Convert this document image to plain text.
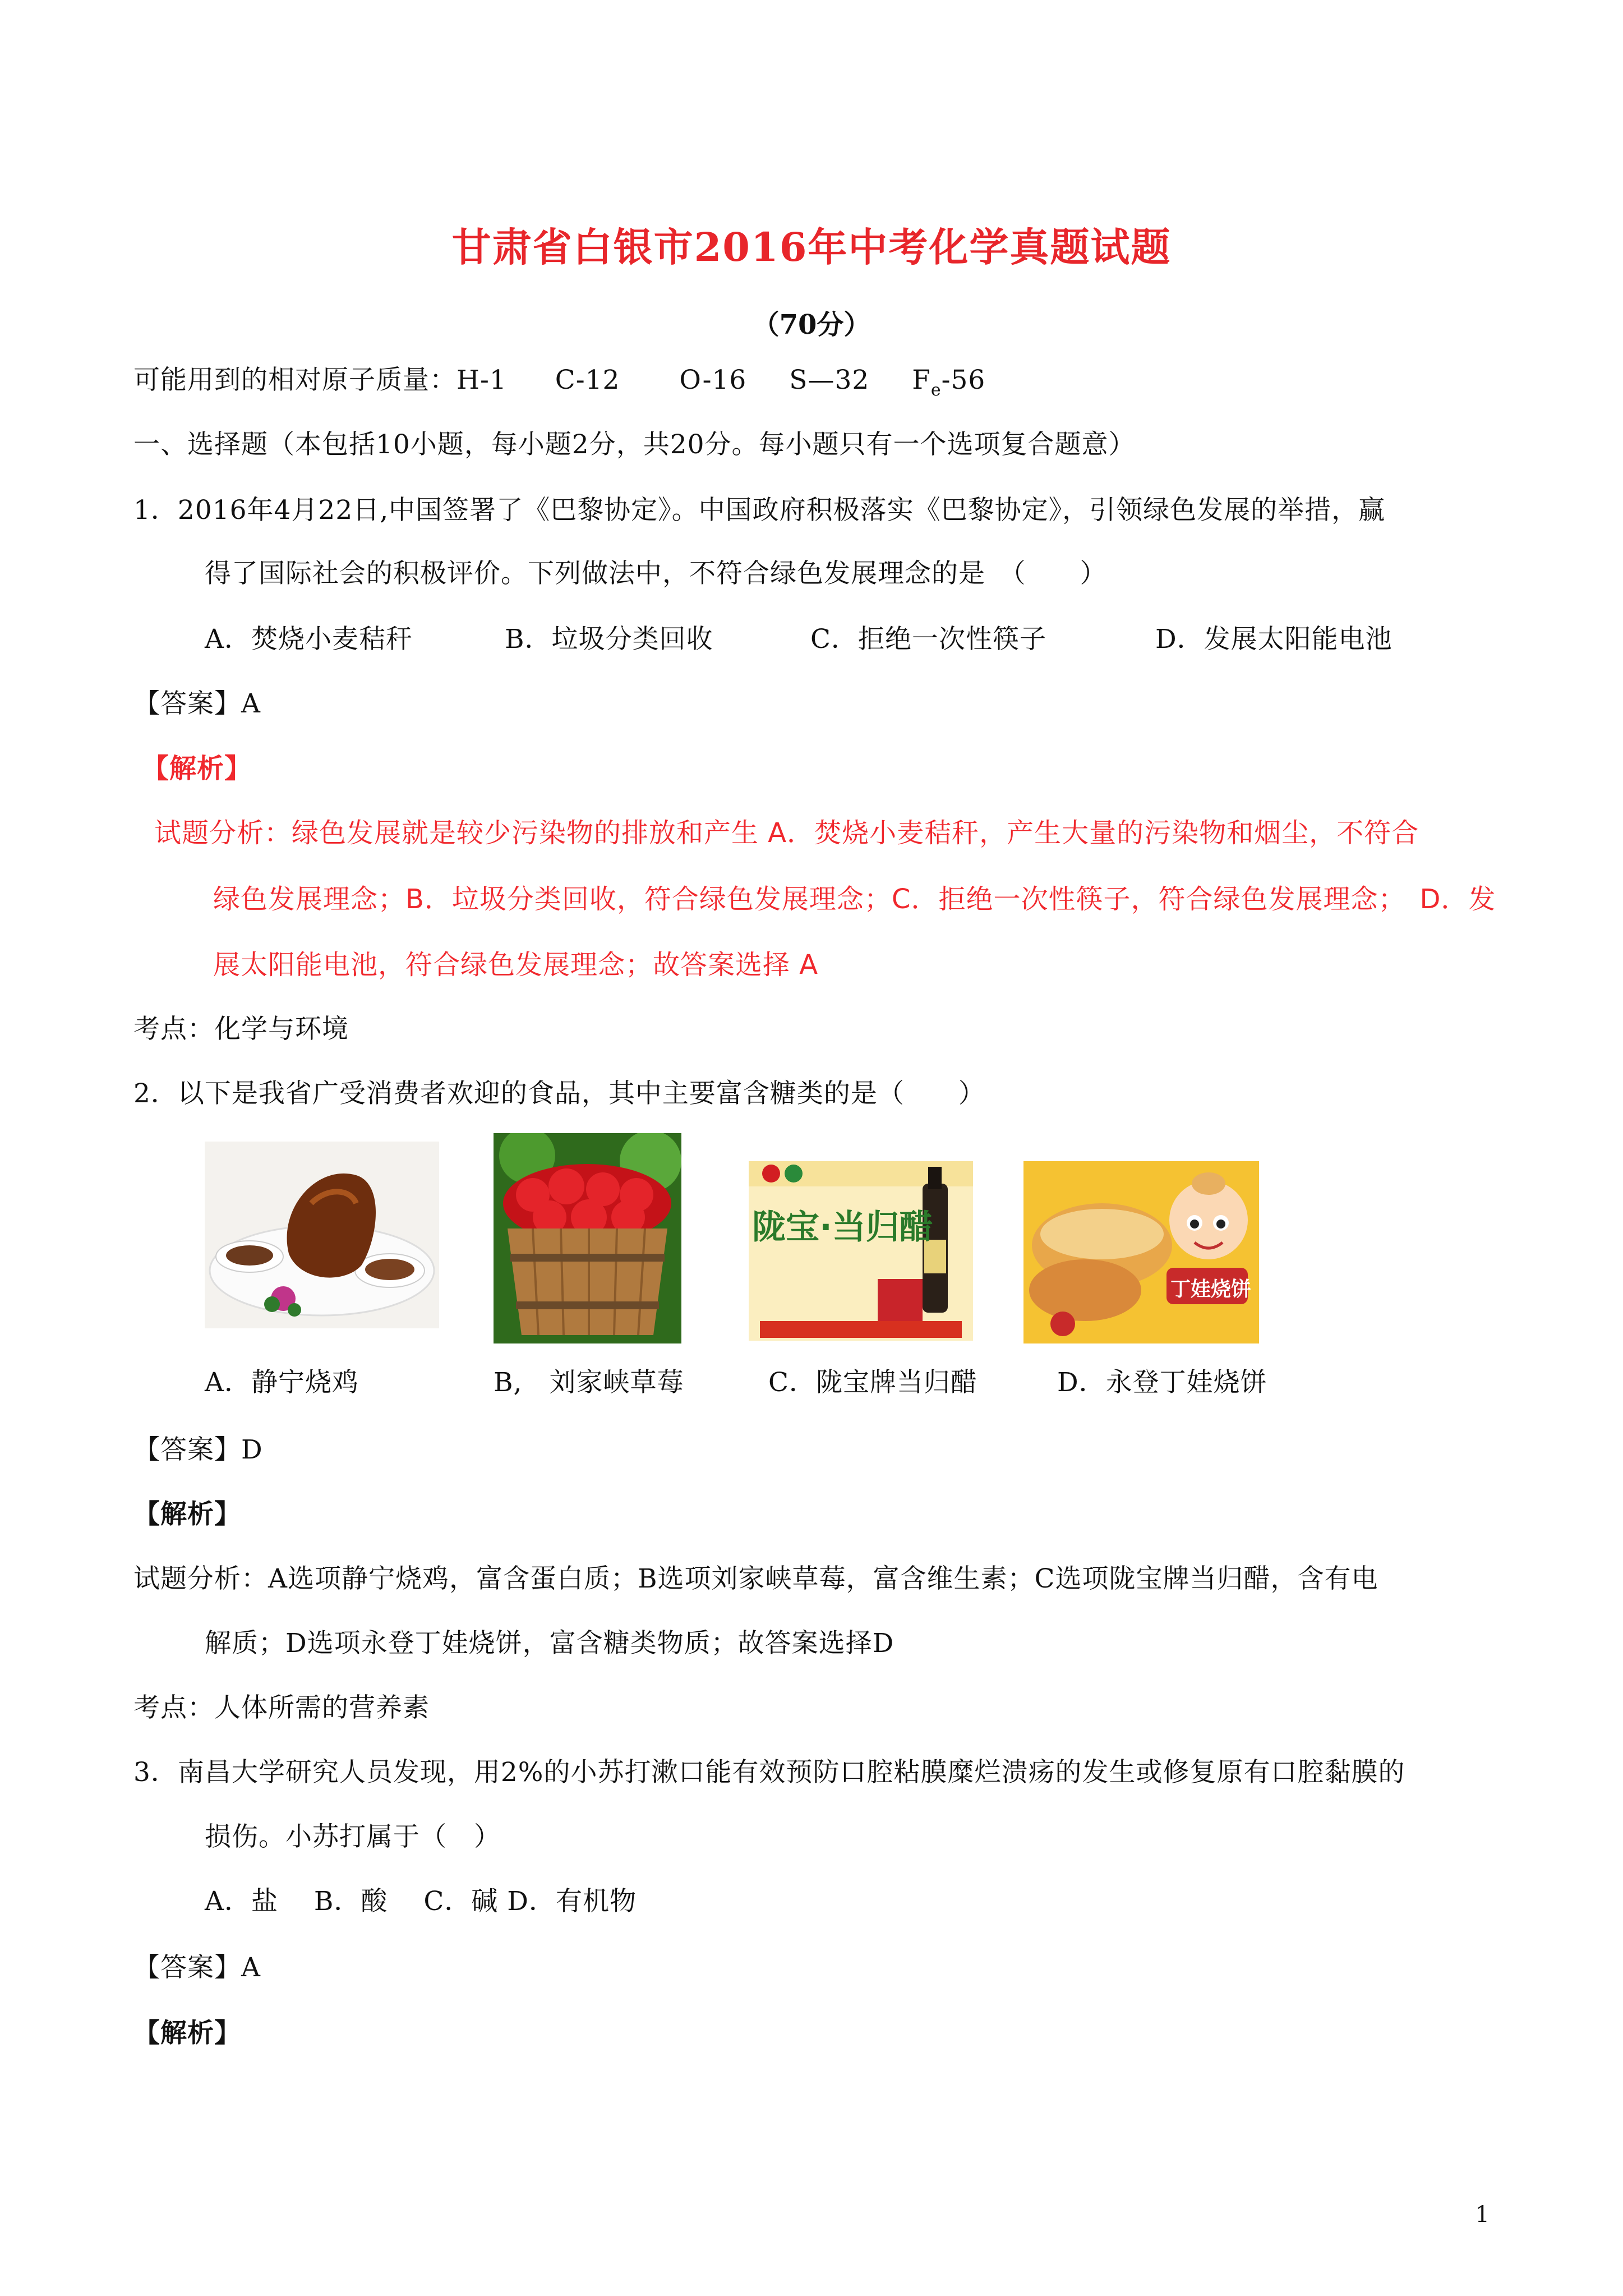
甘肃省白银市2016年中考化学真题试题
（70分）
可能用到的相对原子质量：H-1 C-12 O-16 S—32 $F_e-56$
一、选择题（本包括10小题，每小题2分，共20分。每小题只有一个选项复合题意）
1．2016年4月22日,中国签署了《巴黎协定》。中国政府积极落实《巴黎协定》，引领绿色发展的举措，赢
得了国际社会的积极评价。下列做法中，不符合绿色发展理念的是　（　　）
A．焚烧小麦秸秆	B．垃圾分类回收	C．拒绝一次性筷子	D．发展太阳能电池
【答案】A
【解析】
试题分析：绿色发展就是较少污染物的排放和产生 A．焚烧小麦秸秆，产生大量的污染物和烟尘，不符合
绿色发展理念；B．垃圾分类回收，符合绿色发展理念；C．拒绝一次性筷子，符合绿色发展理念；　D．发
展太阳能电池，符合绿色发展理念；故答案选择 A
考点：化学与环境
2．以下是我省广受消费者欢迎的食品，其中主要富含糖类的是（　　）
陇宝·当归醋
丁娃烧饼
A．静宁烧鸡	B,　刘家峡草莓	C．陇宝牌当归醋	D．永登丁娃烧饼
【答案】D
【解析】
试题分析：A选项静宁烧鸡，富含蛋白质；B选项刘家峡草莓，富含维生素；C选项陇宝牌当归醋，含有电
解质；D选项永登丁娃烧饼，富含糖类物质；故答案选择D
考点：人体所需的营养素
3．南昌大学研究人员发现，用2%的小苏打漱口能有效预防口腔粘膜糜烂溃疡的发生或修复原有口腔黏膜的
损伤。小苏打属于（　）
A．盐　 B．酸　 C．碱 D．有机物
【答案】A
【解析】
1
